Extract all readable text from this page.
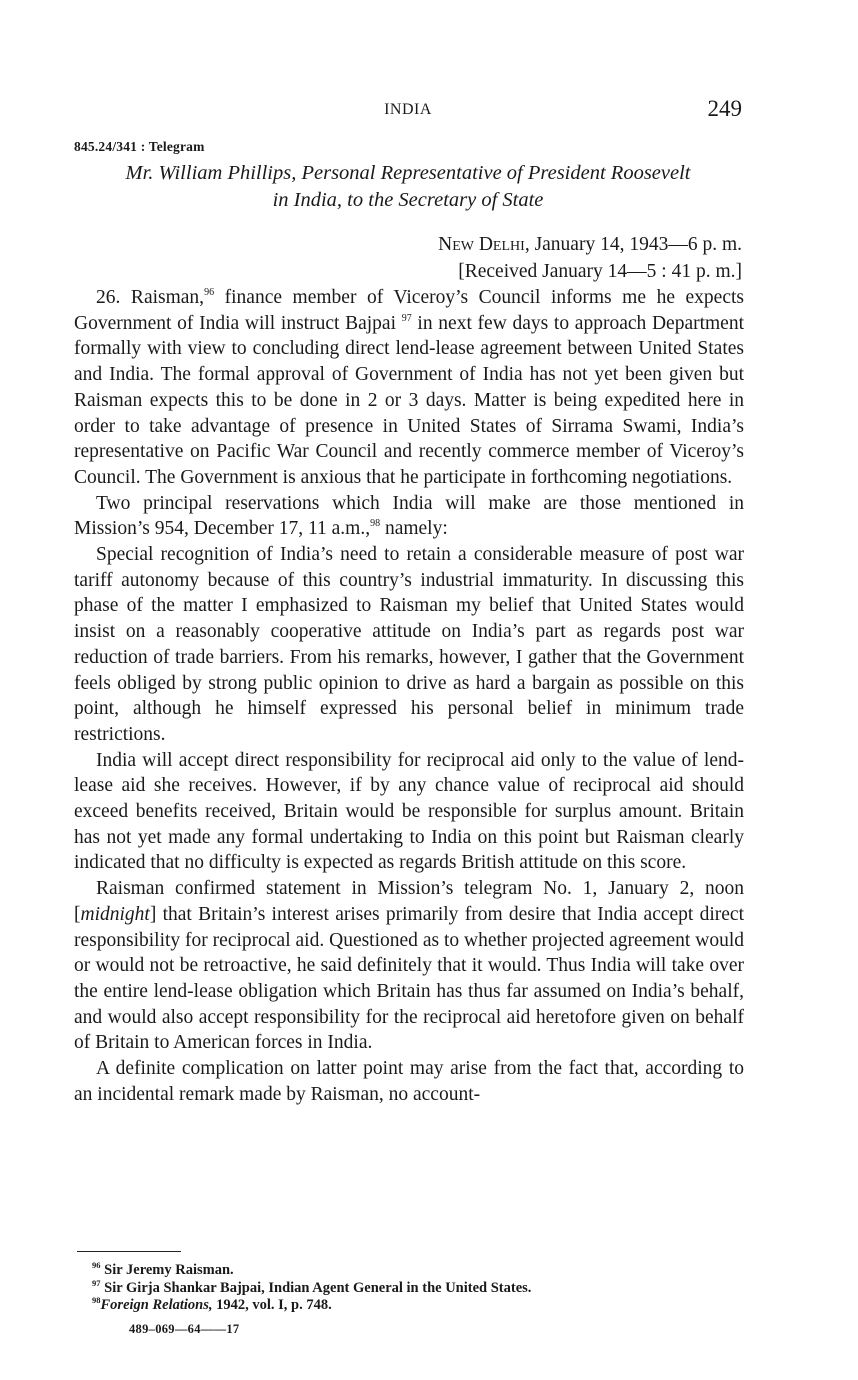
INDIA	249
845.24/341 : Telegram
Mr. William Phillips, Personal Representative of President Roosevelt
in India, to the Secretary of State
New Delhi, January 14, 1943—6 p. m.
[Received January 14—5 : 41 p. m.]

26. Raisman,$^{96}$ finance member of Viceroy’s Council informs me he expects Government of India will instruct Bajpai $^{97}$ in next few days to approach Department formally with view to concluding direct lend-lease agreement between United States and India. The formal approval of Government of India has not yet been given but Raisman expects this to be done in 2 or 3 days. Matter is being expedited here in order to take advantage of presence in United States of Sirrama Swami, India’s representative on Pacific War Council and recently commerce member of Viceroy’s Council. The Government is anxious that he participate in forthcoming negotiations.

Two principal reservations which India will make are those mentioned in Mission’s 954, December 17, 11 a.m.,$^{98}$ namely:

Special recognition of India’s need to retain a considerable measure of post war tariff autonomy because of this country’s industrial immaturity. In discussing this phase of the matter I emphasized to Raisman my belief that United States would insist on a reasonably cooperative attitude on India’s part as regards post war reduction of trade barriers. From his remarks, however, I gather that the Government feels obliged by strong public opinion to drive as hard a bargain as possible on this point, although he himself expressed his personal belief in minimum trade restrictions.

India will accept direct responsibility for reciprocal aid only to the value of lend-lease aid she receives. However, if by any chance value of reciprocal aid should exceed benefits received, Britain would be responsible for surplus amount. Britain has not yet made any formal undertaking to India on this point but Raisman clearly indicated that no difficulty is expected as regards British attitude on this score.

Raisman confirmed statement in Mission’s telegram No. 1, January 2, noon [midnight] that Britain’s interest arises primarily from desire that India accept direct responsibility for reciprocal aid. Questioned as to whether projected agreement would or would not be retroactive, he said definitely that it would. Thus India will take over the entire lend-lease obligation which Britain has thus far assumed on India’s behalf, and would also accept responsibility for the reciprocal aid heretofore given on behalf of Britain to American forces in India.

A definite complication on latter point may arise from the fact that, according to an incidental remark made by Raisman, no account-

$^{96}$ Sir Jeremy Raisman.
$^{97}$ Sir Girja Shankar Bajpai, Indian Agent General in the United States.
$^{98}$Foreign Relations, 1942, vol. I, p. 748.
489–069—64——17
